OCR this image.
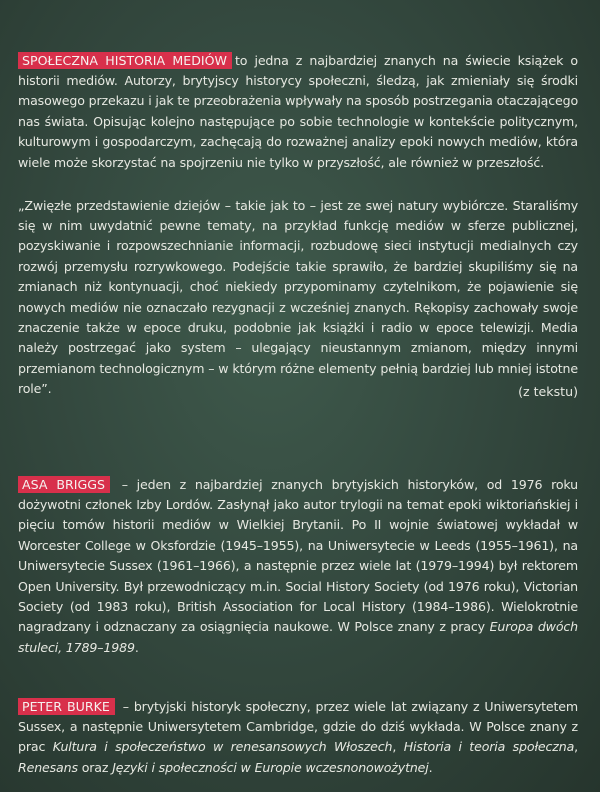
SPOŁECZNA HISTORIA MEDIÓW to jedna z najbardziej znanych na świecie książek o historii mediów. Autorzy, brytyjscy historycy społeczni, śledzą, jak zmieniały się środki masowego przekazu i jak te przeobrażenia wpływały na sposób postrzegania otaczającego nas świata. Opisując kolejno następujące po sobie technologie w kontekście politycznym, kulturowym i gospodarczym, zachęcają do rozważnej analizy epoki nowych mediów, która wiele może skorzystać na spojrzeniu nie tylko w przyszłość, ale również w przeszłość.

„Zwięzłe przedstawienie dziejów – takie jak to – jest ze swej natury wybiórcze. Staraliśmy się w nim uwydatnić pewne tematy, na przykład funkcję mediów w sferze publicznej, pozyskiwanie i rozpowszechnianie informacji, rozbudowę sieci instytucji medialnych czy rozwój przemysłu rozrywkowego. Podejście takie sprawiło, że bardziej skupiliśmy się na zmianach niż kontynuacji, choć niekiedy przypominamy czytelnikom, że pojawienie się nowych mediów nie oznaczało rezygnacji z wcześniej znanych. Rękopisy zachowały swoje znaczenie także w epoce druku, podobnie jak książki i radio w epoce telewizji. Media należy postrzegać jako system – ulegający nieustannym zmianom, między innymi przemianom technologicznym – w którym różne elementy pełnią bardziej lub mniej istotne role”.	(z tekstu)

ASA BRIGGS – jeden z najbardziej znanych brytyjskich historyków, od 1976 roku dożywotni członek Izby Lordów. Zasłynął jako autor trylogii na temat epoki wiktoriańskiej i pięciu tomów historii mediów w Wielkiej Brytanii. Po II wojnie światowej wykładał w Worcester College w Oksfordzie (1945–1955), na Uniwersytecie w Leeds (1955–1961), na Uniwersytecie Sussex (1961–1966), a następnie przez wiele lat (1979–1994) był rektorem Open University. Był przewodniczący m.in. Social History Society (od 1976 roku), Victorian Society (od 1983 roku), British Association for Local History (1984–1986). Wielokrotnie nagradzany i odznaczany za osiągnięcia naukowe. W Polsce znany z pracy Europa dwóch stuleci, 1789–1989.

PETER BURKE – brytyjski historyk społeczny, przez wiele lat związany z Uniwersytetem Sussex, a następnie Uniwersytetem Cambridge, gdzie do dziś wykłada. W Polsce znany z prac Kultura i społeczeństwo w renesansowych Włoszech, Historia i teoria społeczna, Renesans oraz Języki i społeczności w Europie wczesnonowożytnej.
